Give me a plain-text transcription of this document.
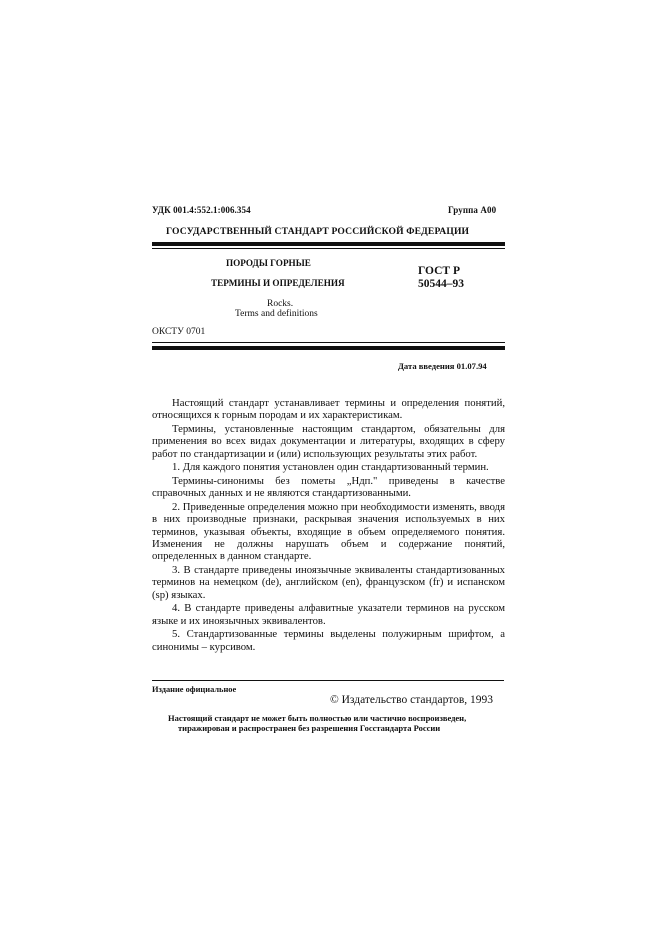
УДК 001.4:552.1:006.354	Группа А00
ГОСУДАРСТВЕННЫЙ СТАНДАРТ РОССИЙСКОЙ ФЕДЕРАЦИИ
ПОРОДЫ ГОРНЫЕ
ТЕРМИНЫ И ОПРЕДЕЛЕНИЯ
Rocks.
Terms and definitions
ГОСТ Р
50544–93
ОКСТУ 0701
Дата введения 01.07.94

Настоящий стандарт устанавливает термины и определения понятий, относящихся к горным породам и их характеристикам.

Термины, установленные настоящим стандартом, обязательны для применения во всех видах документации и литературы, входящих в сферу работ по стандартизации и (или) использующих результаты этих работ.

1. Для каждого понятия установлен один стандартизованный термин.

Термины-синонимы без пометы „Ндп." приведены в качестве справочных данных и не являются стандартизованными.

2. Приведенные определения можно при необходимости изменять, вводя в них производные признаки, раскрывая значения используемых в них терминов, указывая объекты, входящие в объем определяемого понятия. Изменения не должны нарушать объем и содержание понятий, определенных в данном стандарте.

3. В стандарте приведены иноязычные эквиваленты стандартизованных терминов на немецком (de), английском (en), французском (fr) и испанском (sp) языках.

4. В стандарте приведены алфавитные указатели терминов на русском языке и их иноязычных эквивалентов.

5. Стандартизованные термины выделены полужирным шрифтом, а синонимы – курсивом.

Издание официальное
© Издательство стандартов, 1993
Настоящий стандарт не может быть полностью или частично воспроизведен,
тиражирован и распространен без разрешения Госстандарта России
